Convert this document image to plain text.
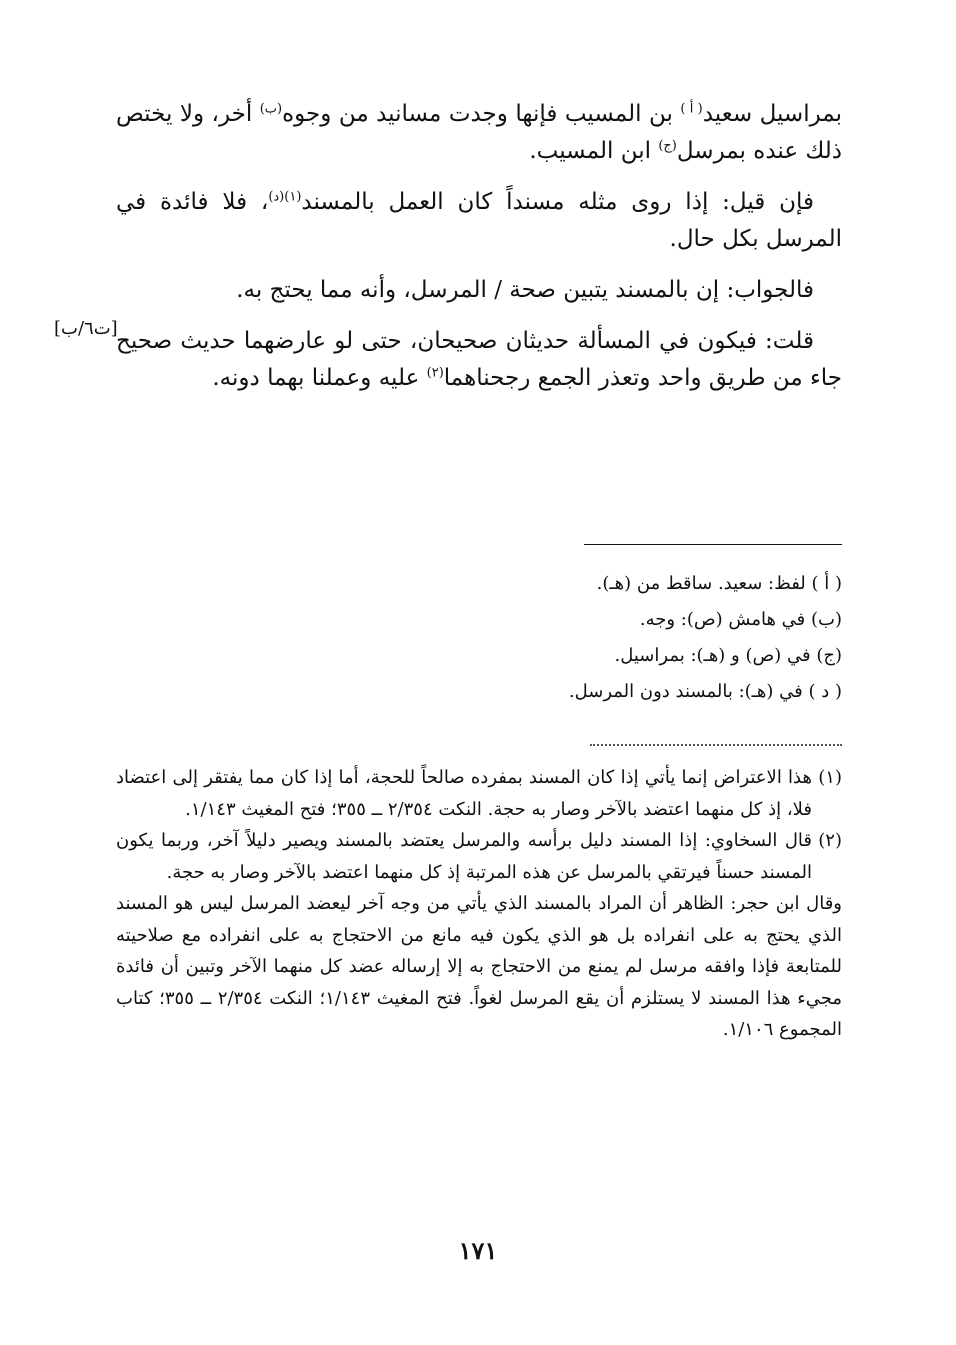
بمراسيل سعيد$^{( أ )}$ بن المسيب فإنها وجدت مسانيد من وجوه$^{(ب)}$ أخر، ولا يختص ذلك عنده بمرسل$^{(ج)}$ ابن المسيب.

فإن قيل: إذا روى مثله مسنداً كان العمل بالمسند$^{(١)(د)}$، فلا فائدة في المرسل بكل حال.

فالجواب: إن بالمسند يتبين صحة / المرسل، وأنه مما يحتج به.

قلت: فيكون في المسألة حديثان صحيحان، حتى لو عارضهما حديث صحيح جاء من طريق واحد وتعذر الجمع رجحناهما$^{(٢)}$ عليه وعملنا بهما دونه.

[ت٦/ب]
( أ ) لفظ: سعيد. ساقط من (هـ).
(ب) في هامش (ص): وجه.
(ج) في (ص) و (هـ): بمراسيل.
( د ) في (هـ): بالمسند دون المرسل.
(١)
هذا الاعتراض إنما يأتي إذا كان المسند بمفرده صالحاً للحجة، أما إذا كان مما يفتقر إلى اعتضاد فلا، إذ كل منهما اعتضد بالآخر وصار به حجة. النكت ٢/٣٥٤ ــ ٣٥٥؛ فتح المغيث ١/١٤٣.
(٢)
قال السخاوي: إذا المسند دليل برأسه والمرسل يعتضد بالمسند ويصير دليلاً آخر، وربما يكون المسند حسناً فيرتقي بالمرسل عن هذه المرتبة إذ كل منهما اعتضد بالآخر وصار به حجة.
وقال ابن حجر: الظاهر أن المراد بالمسند الذي يأتي من وجه آخر ليعضد المرسل ليس هو المسند الذي يحتج به على انفراده بل هو الذي يكون فيه مانع من الاحتجاج به على انفراده مع صلاحيته للمتابعة فإذا وافقه مرسل لم يمنع من الاحتجاج به إلا إرساله عضد كل منهما الآخر وتبين أن فائدة مجيء هذا المسند لا يستلزم أن يقع المرسل لغواً. فتح المغيث ١/١٤٣؛ النكت ٢/٣٥٤ ــ ٣٥٥؛ كتاب المجموع ١/١٠٦.
١٧١
